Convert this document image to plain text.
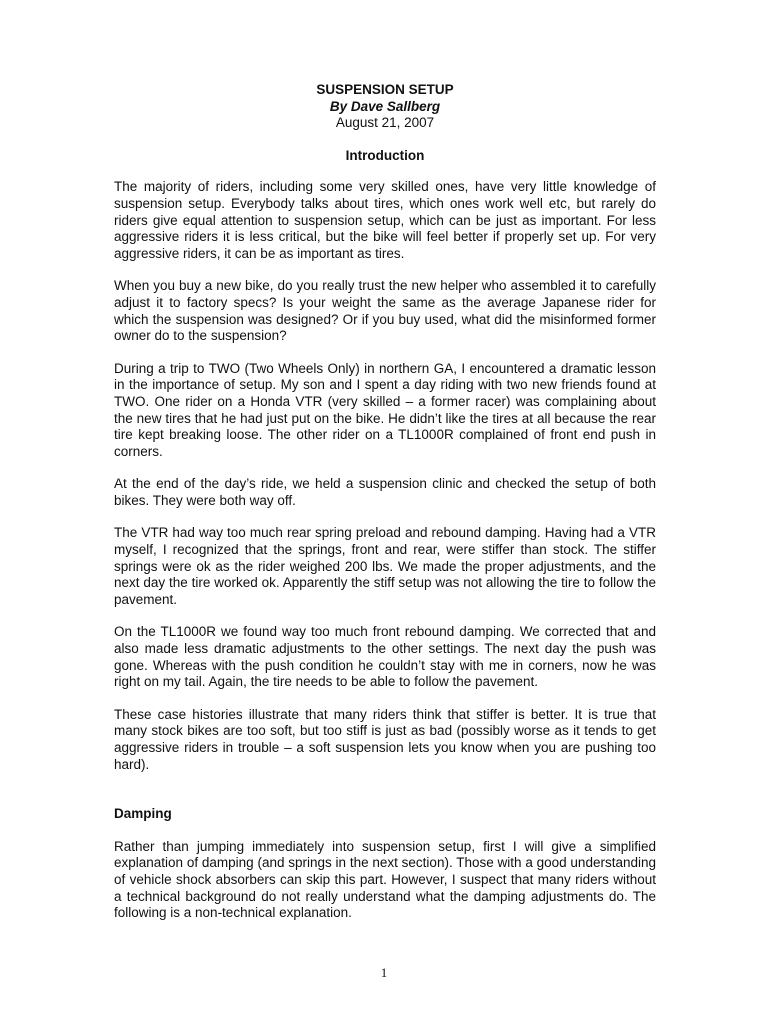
SUSPENSION SETUP
By Dave Sallberg
August 21, 2007
Introduction

The majority of riders, including some very skilled ones, have very little knowledge of suspension setup. Everybody talks about tires, which ones work well etc, but rarely do riders give equal attention to suspension setup, which can be just as important. For less aggressive riders it is less critical, but the bike will feel better if properly set up. For very aggressive riders, it can be as important as tires.

When you buy a new bike, do you really trust the new helper who assembled it to carefully adjust it to factory specs? Is your weight the same as the average Japanese rider for which the suspension was designed? Or if you buy used, what did the misinformed former owner do to the suspension?

During a trip to TWO (Two Wheels Only) in northern GA, I encountered a dramatic lesson in the importance of setup. My son and I spent a day riding with two new friends found at TWO. One rider on a Honda VTR (very skilled – a former racer) was complaining about the new tires that he had just put on the bike. He didn’t like the tires at all because the rear tire kept breaking loose. The other rider on a TL1000R complained of front end push in corners.

At the end of the day’s ride, we held a suspension clinic and checked the setup of both bikes. They were both way off.

The VTR had way too much rear spring preload and rebound damping. Having had a VTR myself, I recognized that the springs, front and rear, were stiffer than stock. The stiffer springs were ok as the rider weighed 200 lbs. We made the proper adjustments, and the next day the tire worked ok. Apparently the stiff setup was not allowing the tire to follow the pavement.

On the TL1000R we found way too much front rebound damping. We corrected that and also made less dramatic adjustments to the other settings. The next day the push was gone. Whereas with the push condition he couldn’t stay with me in corners, now he was right on my tail. Again, the tire needs to be able to follow the pavement.

These case histories illustrate that many riders think that stiffer is better. It is true that many stock bikes are too soft, but too stiff is just as bad (possibly worse as it tends to get aggressive riders in trouble – a soft suspension lets you know when you are pushing too hard).

Damping

Rather than jumping immediately into suspension setup, first I will give a simplified explanation of damping (and springs in the next section). Those with a good understanding of vehicle shock absorbers can skip this part. However, I suspect that many riders without a technical background do not really understand what the damping adjustments do. The following is a non-technical explanation.

1
